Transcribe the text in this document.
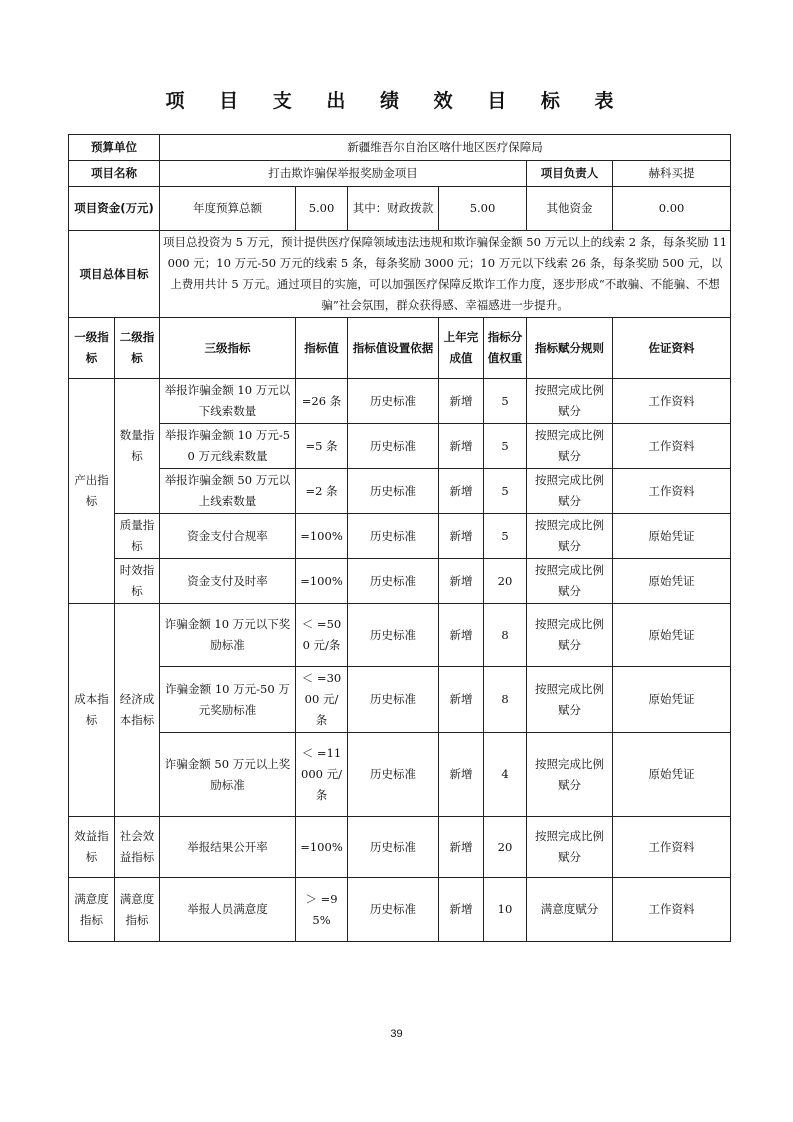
项 目 支 出 绩 效 目 标 表
预算单位		新疆维吾尔自治区喀什地区医疗保障局						
项目名称		打击欺诈骗保举报奖励金项目					项目负责人	赫科买提
项目资金(万元)		年度预算总额	5.00	其中：财政拨款	5.00		其他资金	0.00
项目总体目标		项目总投资为 5 万元，预计提供医疗保障领域违法违规和欺诈骗保金额 50 万元以上的线索 2 条，每条奖励 11000 元；10 万元-50 万元的线索 5 条，每条奖励 3000 元；10 万元以下线索 26 条，每条奖励 500 元，以上费用共计 5 万元。通过项目的实施，可以加强医疗保障反欺诈工作力度，逐步形成“不敢骗、不能骗、不想骗”社会氛围，群众获得感、幸福感进一步提升。						
一级指标	二级指标	三级指标	指标值	指标值设置依据	上年完成值	指标分值权重	指标赋分规则	佐证资料
产出指标	数量指标	举报诈骗金额 10 万元以下线索数量	=26 条	历史标准	新增	5	按照完成比例赋分	工作资料
		举报诈骗金额 10 万元-50 万元线索数量	=5 条	历史标准	新增	5	按照完成比例赋分	工作资料
		举报诈骗金额 50 万元以上线索数量	=2 条	历史标准	新增	5	按照完成比例赋分	工作资料
	质量指标	资金支付合规率	=100%	历史标准	新增	5	按照完成比例赋分	原始凭证
	时效指标	资金支付及时率	=100%	历史标准	新增	20	按照完成比例赋分	原始凭证
成本指标	经济成本指标	诈骗金额 10 万元以下奖励标准	＜ =500 元/条	历史标准	新增	8	按照完成比例赋分	原始凭证
		诈骗金额 10 万元-50 万元奖励标准	＜ =3000 元/条	历史标准	新增	8	按照完成比例赋分	原始凭证
		诈骗金额 50 万元以上奖励标准	＜ =11000 元/条	历史标准	新增	4	按照完成比例赋分	原始凭证
效益指标	社会效益指标	举报结果公开率	=100%	历史标准	新增	20	按照完成比例赋分	工作资料
满意度指标	满意度指标	举报人员满意度	＞ =95%	历史标准	新增	10	满意度赋分	工作资料
39
